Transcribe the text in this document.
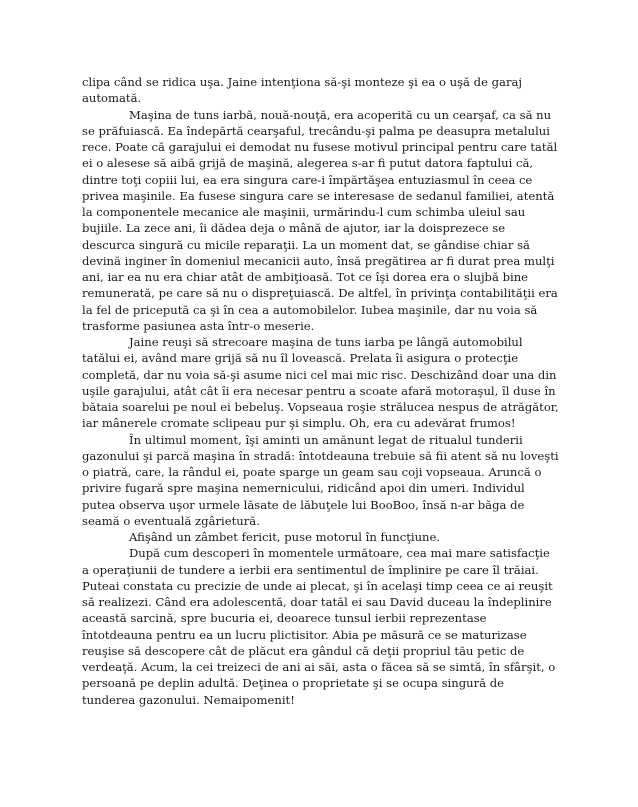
clipa când se ridica uşa. Jaine intenţiona să-şi monteze şi ea o uşă de garaj automată.

Maşina de tuns iarbă, nouă-nouţă, era acoperită cu un cearşaf, ca să nu se prăfuiască. Ea îndepărtă cearşaful, trecându-şi palma pe deasupra metalului rece. Poate că garajului ei demodat nu fusese motivul principal pentru care tatăl ei o alesese să aibă grijă de maşină, alegerea s-ar fi putut datora faptului că, dintre toţi copiii lui, ea era singura care-i împărtăşea entuziasmul în ceea ce privea maşinile. Ea fusese singura care se interesase de sedanul familiei, atentă la componentele mecanice ale maşinii, urmărindu-l cum schimba uleiul sau bujiile. La zece ani, îi dădea deja o mână de ajutor, iar la doisprezece se descurca singură cu micile reparaţii. La un moment dat, se gândise chiar să devină inginer în domeniul mecanicii auto, însă pregătirea ar fi durat prea mulţi ani, iar ea nu era chiar atât de ambiţioasă. Tot ce îşi dorea era o slujbă bine remunerată, pe care să nu o dispreţuiască. De altfel, în privinţa contabilităţii era la fel de pricepută ca şi în cea a automobilelor. Iubea maşinile, dar nu voia să trasforme pasiunea asta într-o meserie.

Jaine reuşi să strecoare maşina de tuns iarba pe lângă automobilul tatălui ei, având mare grijă să nu îl lovească. Prelata îi asigura o protecţie completă, dar nu voia să-şi asume nici cel mai mic risc. Deschizând doar una din uşile garajului, atât cât îi era necesar pentru a scoate afară motoraşul, îl duse în bătaia soarelui pe noul ei bebeluş. Vopseaua roşie strălucea nespus de atrăgător, iar mânerele cromate sclipeau pur şi simplu. Oh, era cu adevărat frumos!

În ultimul moment, îşi aminti un amănunt legat de ritualul tunderii gazonului şi parcă maşina în stradă: întotdeauna trebuie să fii atent să nu loveşti o piatră, care, la rândul ei, poate sparge un geam sau coji vopseaua. Aruncă o privire fugară spre maşina nemernicului, ridicând apoi din umeri. Individul putea observa uşor urmele lăsate de lăbuţele lui BooBoo, însă n-ar băga de seamă o eventuală zgârietură.

Afişând un zâmbet fericit, puse motorul în funcţiune.

După cum descoperi în momentele următoare, cea mai mare satisfacţie a operaţiunii de tundere a ierbii era sentimentul de împlinire pe care îl trăiai. Puteai constata cu precizie de unde ai plecat, şi în acelaşi timp ceea ce ai reuşit să realizezi. Când era adolescentă, doar tatăl ei sau David duceau la îndeplinire această sarcină, spre bucuria ei, deoarece tunsul ierbii reprezentase întotdeauna pentru ea un lucru plictisitor. Abia pe măsură ce se maturizase reuşise să descopere cât de plăcut era gândul că deţii propriul tău petic de verdeaţă. Acum, la cei treizeci de ani ai săi, asta o făcea să se simtă, în sfârşit, o persoană pe deplin adultă. Deţinea o proprietate şi se ocupa singură de tunderea gazonului. Nemaipomenit!
